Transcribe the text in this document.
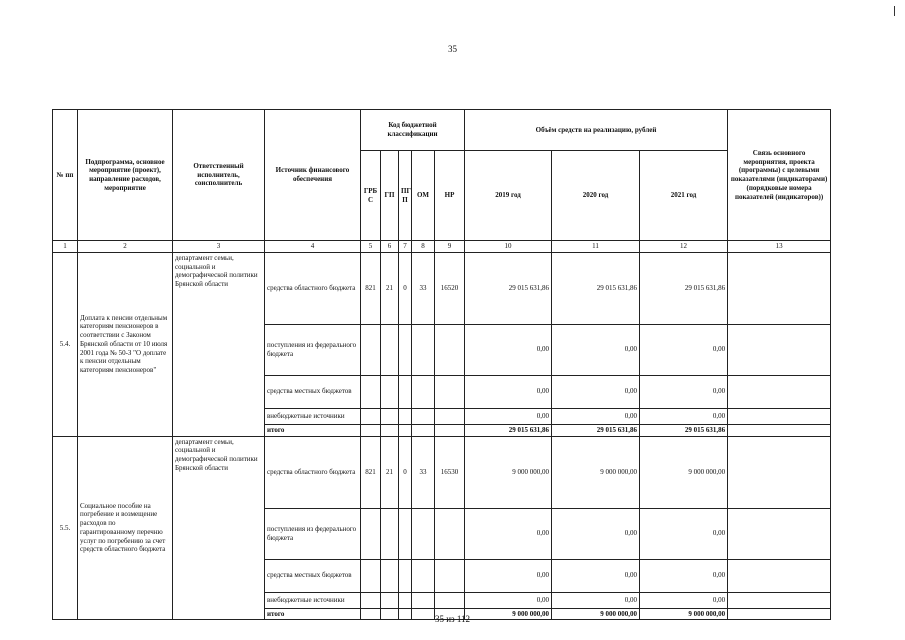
35
№ пп	Подпрограмма, основное мероприятие (проект), направление расходов, мероприятие	Ответственный исполнитель, соисполнитель	Источник финансового обеспечения	Код бюджетной классификации					Объём средств на реализацию, рублей			Связь основного мероприятия, проекта (программы) с целевыми показателями (индикаторами) (порядковые номера показателей (индикаторов))
				ГРБ С	ГП	ПГ П	ОМ	НР	2019 год	2020 год	2021 год	
1	2	3	4	5	6	7	8	9	10	11	12	13
5.4.	Доплата к пенсии отдельным категориям пенсионеров в соответствии с Законом Брянской области от 10 июля 2001 года № 50-З "О доплате к пенсии отдельным категориям пенсионеров"	департамент семьи, социальной и демографической политики Брянской области	средства областного бюджета	821	21	0	33	16520	29 015 631,86	29 015 631,86	29 015 631,86	
			поступления из федерального бюджета						0,00	0,00	0,00	
			средства местных бюджетов						0,00	0,00	0,00	
			внебюджетные источники						0,00	0,00	0,00	
			итого						29 015 631,86	29 015 631,86	29 015 631,86	
5.5.	Социальное пособие на погребение и возмещение расходов по гарантированному перечню услуг по погребению за счет средств областного бюджета	департамент семьи, социальной и демографической политики Брянской области	средства областного бюджета	821	21	0	33	16530	9 000 000,00	9 000 000,00	9 000 000,00	
			поступления из федерального бюджета						0,00	0,00	0,00	
			средства местных бюджетов						0,00	0,00	0,00	
			внебюджетные источники						0,00	0,00	0,00	
			итого						9 000 000,00	9 000 000,00	9 000 000,00	
35 из 112
